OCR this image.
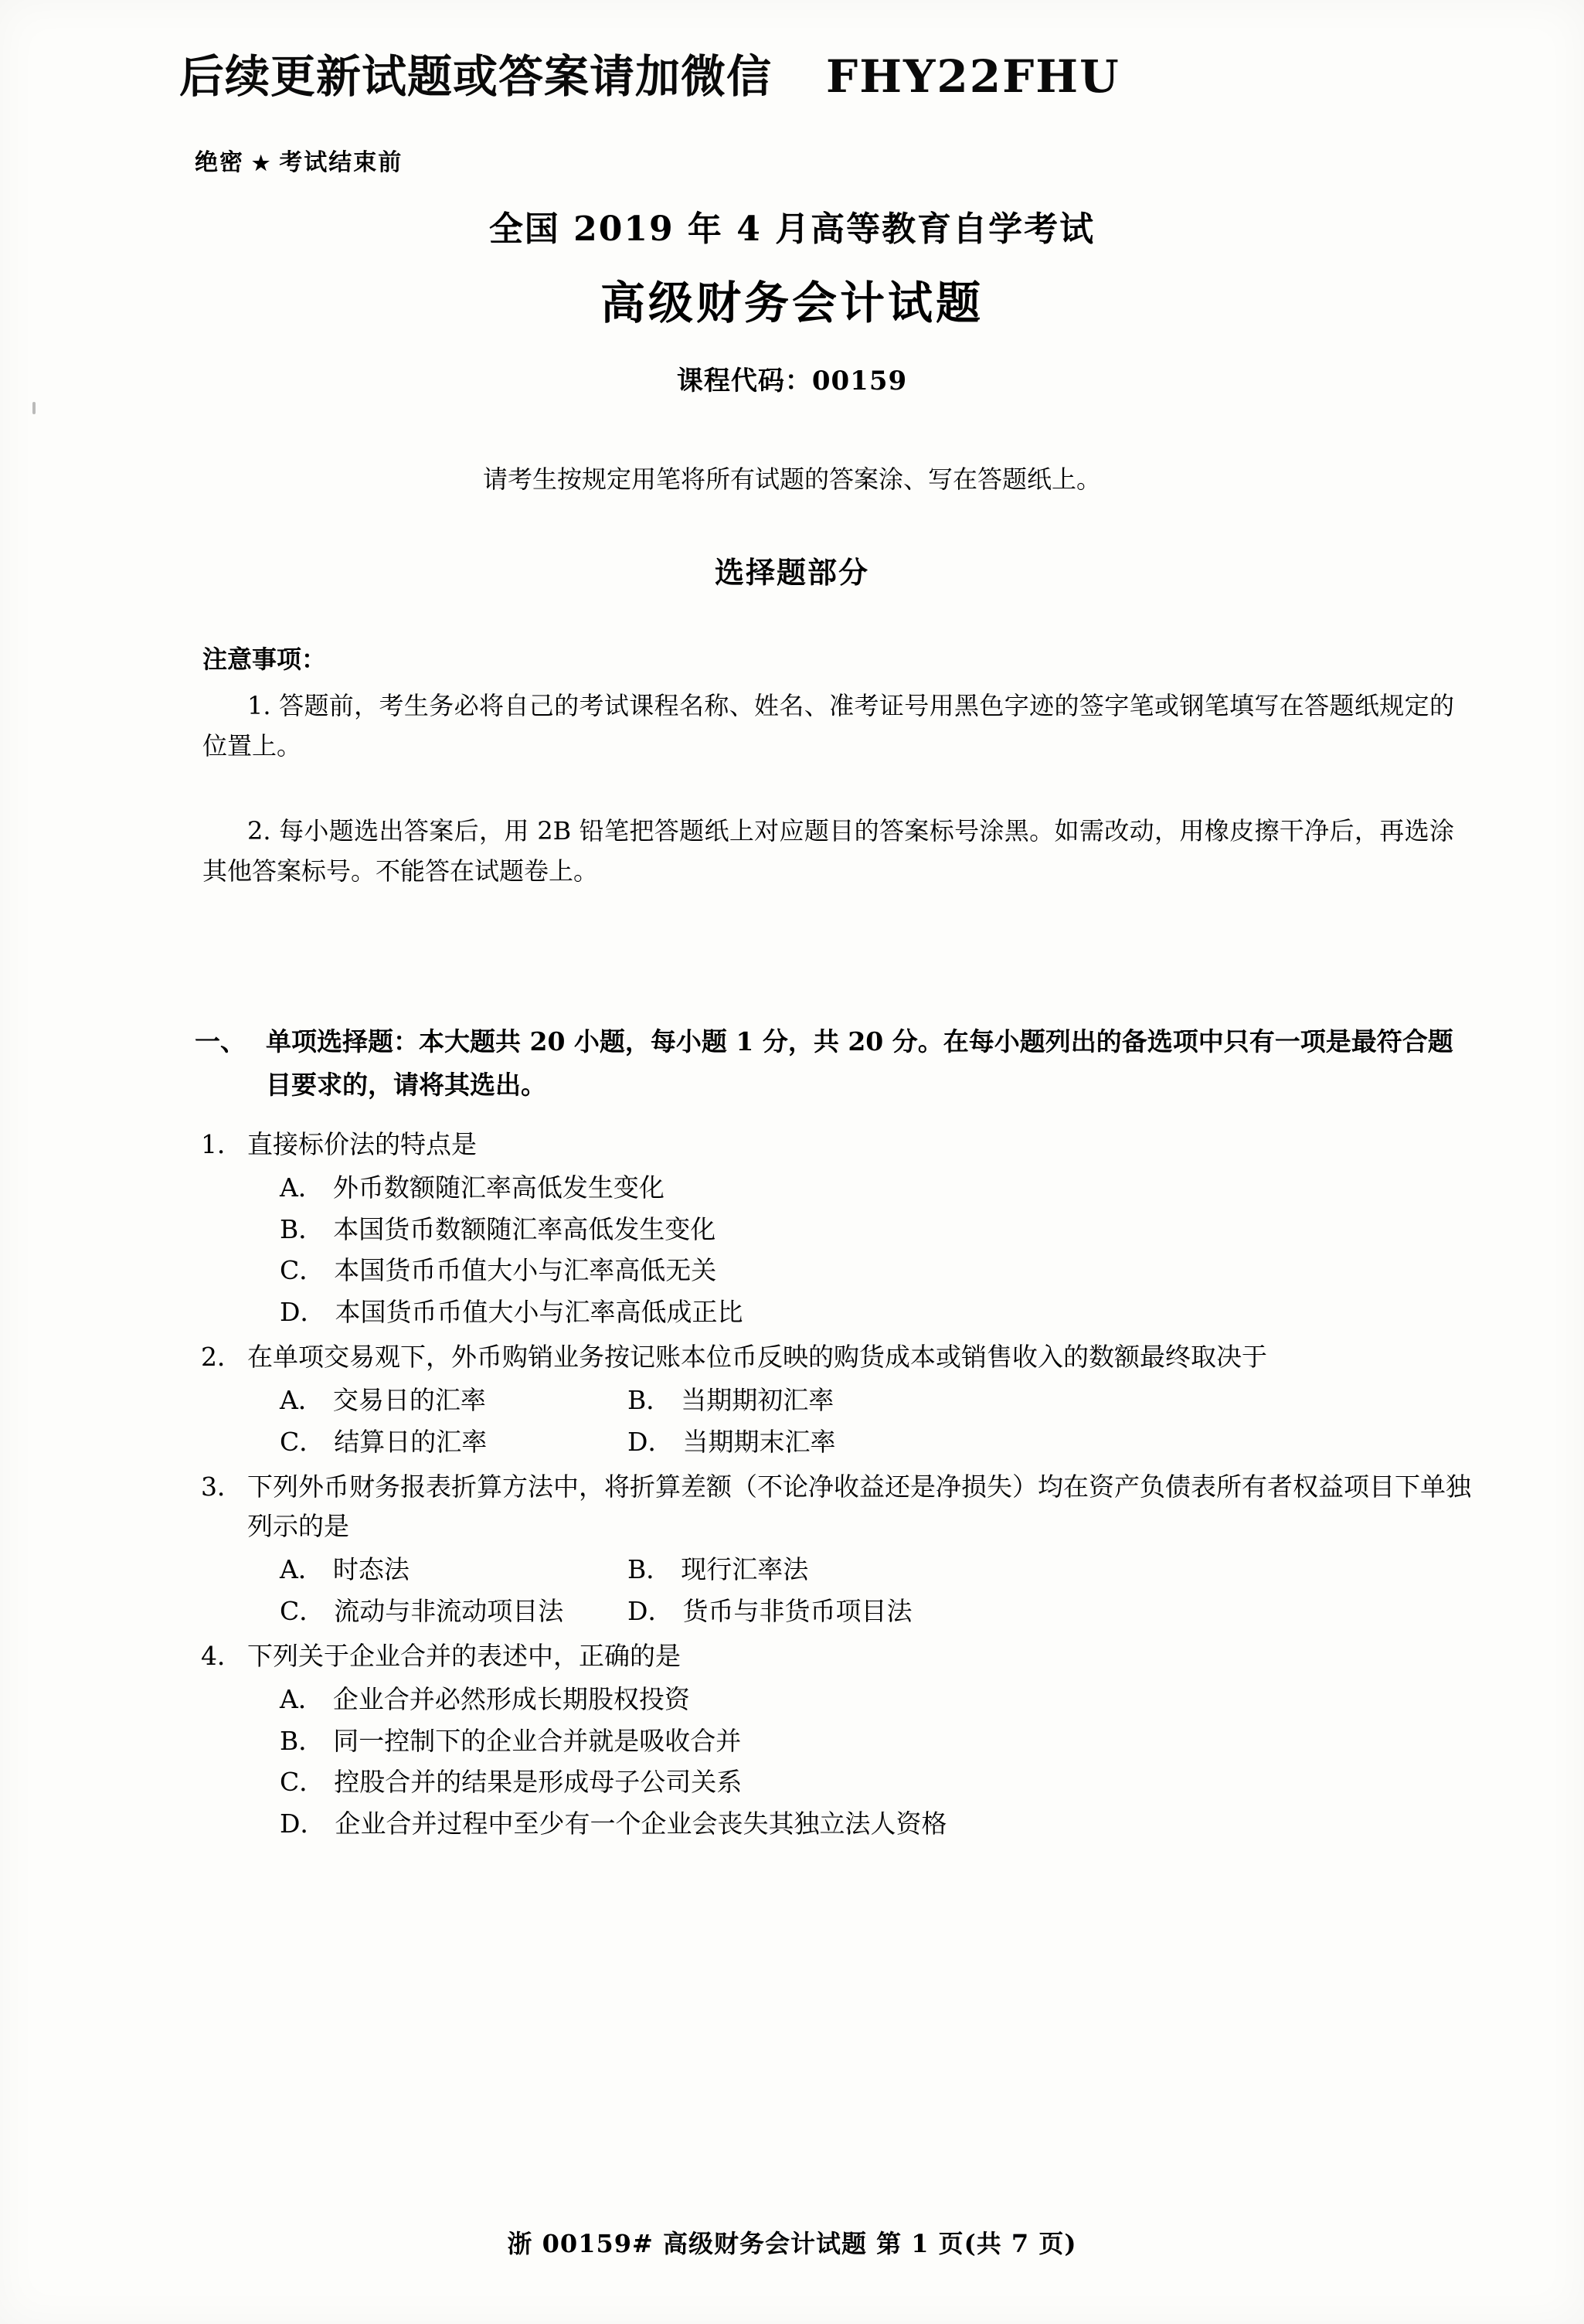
后续更新试题或答案请加微信 FHY22FHU
绝密 ★ 考试结束前
全国 2019 年 4 月高等教育自学考试
高级财务会计试题
课程代码：00159
请考生按规定用笔将所有试题的答案涂、写在答题纸上。
选择题部分
注意事项：
1. 答题前，考生务必将自己的考试课程名称、姓名、准考证号用黑色字迹的签字笔或钢笔填写在答题纸规定的位置上。
2. 每小题选出答案后，用 2B 铅笔把答题纸上对应题目的答案标号涂黑。如需改动，用橡皮擦干净后，再选涂其他答案标号。不能答在试题卷上。
一、 单项选择题：本大题共 20 小题，每小题 1 分，共 20 分。在每小题列出的备选项中只有一项是最符合题目要求的，请将其选出。
1． 直接标价法的特点是
A． 外币数额随汇率高低发生变化
B． 本国货币数额随汇率高低发生变化
C． 本国货币币值大小与汇率高低无关
D． 本国货币币值大小与汇率高低成正比
2． 在单项交易观下，外币购销业务按记账本位币反映的购货成本或销售收入的数额最终取决于
A． 交易日的汇率	B． 当期期初汇率
C． 结算日的汇率	D． 当期期末汇率
3． 下列外币财务报表折算方法中，将折算差额（不论净收益还是净损失）均在资产负债表所有者权益项目下单独列示的是
A． 时态法	B． 现行汇率法
C． 流动与非流动项目法	D． 货币与非货币项目法
4． 下列关于企业合并的表述中，正确的是
A． 企业合并必然形成长期股权投资
B． 同一控制下的企业合并就是吸收合并
C． 控股合并的结果是形成母子公司关系
D． 企业合并过程中至少有一个企业会丧失其独立法人资格
浙 00159# 高级财务会计试题 第 1 页(共 7 页)
